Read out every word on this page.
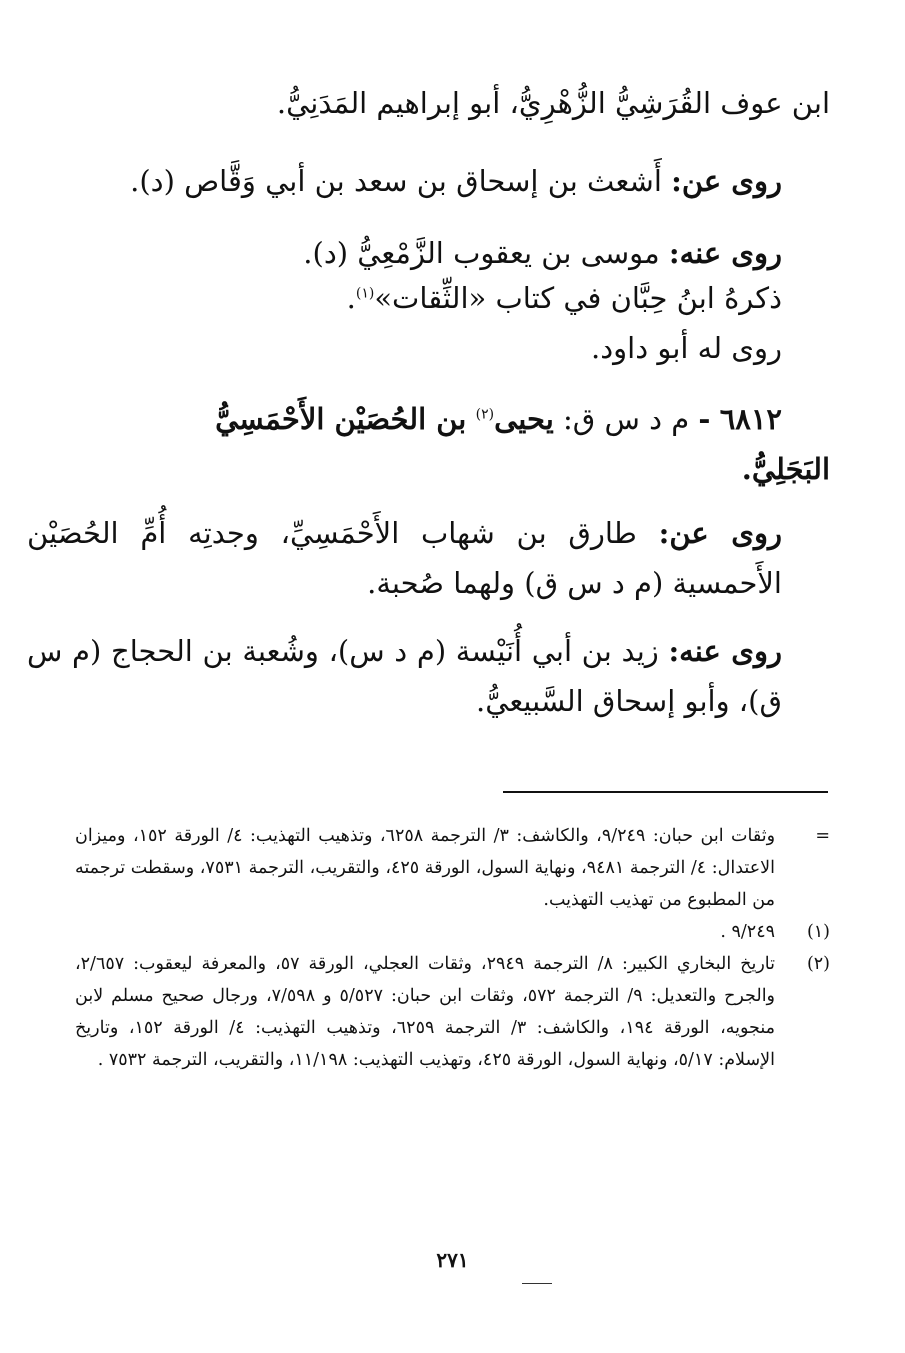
ابن عوف القُرَشِيُّ الزُّهْرِيُّ، أبو إبراهيم المَدَنِيُّ.
روى عن: أَشعث بن إسحاق بن سعد بن أبي وَقَّاص (د).
روى عنه: موسى بن يعقوب الزَّمْعِيُّ (د).
ذكرهُ ابنُ حِبَّان في كتاب «الثِّقات»$^{(١)}$.
روى له أبو داود.
٦٨١٢ - م د س ق: يحيى$^{(٢)}$ بن الحُصَيْن الأَحْمَسِيُّ
البَجَلِيُّ.
روى عن: طارق بن شهاب الأَحْمَسِيِّ، وجدتِه أُمِّ الحُصَيْن الأَحمسية (م د س ق) ولهما صُحبة.
روى عنه: زيد بن أبي أُنَيْسة (م د س)، وشُعبة بن الحجاج (م س ق)، وأبو إسحاق السَّبيعيُّ.
=
وثقات ابن حبان: ٩/٢٤٩، والكاشف: ٣/ الترجمة ٦٢٥٨، وتذهيب التهذيب: ٤/ الورقة ١٥٢، وميزان الاعتدال: ٤/ الترجمة ٩٤٨١، ونهاية السول، الورقة ٤٢٥، والتقريب، الترجمة ٧٥٣١، وسقطت ترجمته من المطبوع من تهذيب التهذيب.
(١)
٩/٢٤٩ .
(٢)
تاريخ البخاري الكبير: ٨/ الترجمة ٢٩٤٩، وثقات العجلي، الورقة ٥٧، والمعرفة ليعقوب: ٢/٦٥٧، والجرح والتعديل: ٩/ الترجمة ٥٧٢، وثقات ابن حبان: ٥/٥٢٧ و ٧/٥٩٨، ورجال صحيح مسلم لابن منجويه، الورقة ١٩٤، والكاشف: ٣/ الترجمة ٦٢٥٩، وتذهيب التهذيب: ٤/ الورقة ١٥٢، وتاريخ الإسلام: ٥/١٧، ونهاية السول، الورقة ٤٢٥، وتهذيب التهذيب: ١١/١٩٨، والتقريب، الترجمة ٧٥٣٢ .
٢٧١
